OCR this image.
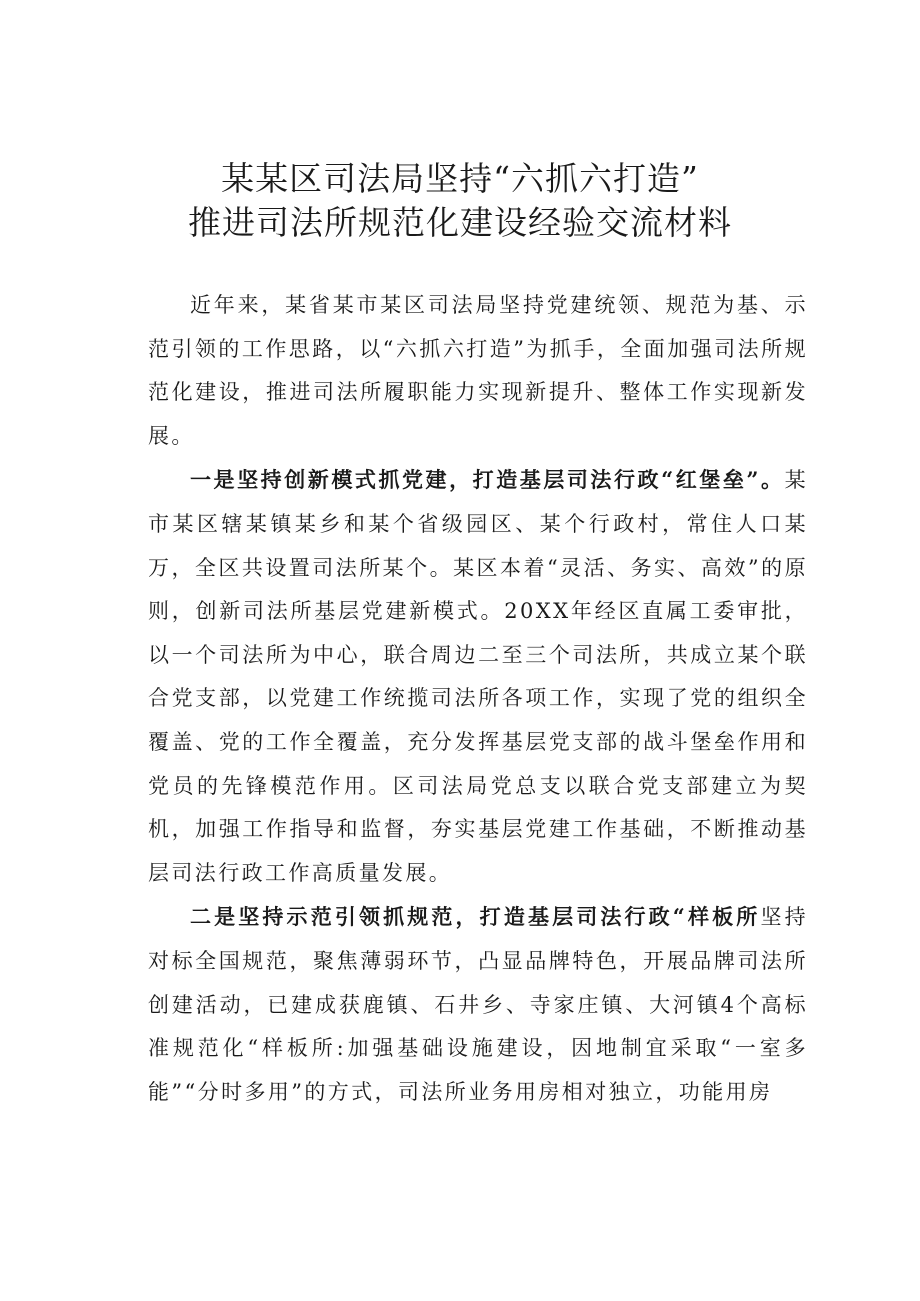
某某区司法局坚持“六抓六打造”
推进司法所规范化建设经验交流材料

近年来，某省某市某区司法局坚持党建统领、规范为基、示范引领的工作思路，以“六抓六打造”为抓手，全面加强司法所规范化建设，推进司法所履职能力实现新提升、整体工作实现新发展。

一是坚持创新模式抓党建，打造基层司法行政“红堡垒”。某市某区辖某镇某乡和某个省级园区、某个行政村，常住人口某万，全区共设置司法所某个。某区本着“灵活、务实、高效”的原则，创新司法所基层党建新模式。20XX年经区直属工委审批，以一个司法所为中心，联合周边二至三个司法所，共成立某个联合党支部，以党建工作统揽司法所各项工作，实现了党的组织全覆盖、党的工作全覆盖，充分发挥基层党支部的战斗堡垒作用和党员的先锋模范作用。区司法局党总支以联合党支部建立为契机，加强工作指导和监督，夯实基层党建工作基础，不断推动基层司法行政工作高质量发展。

二是坚持示范引领抓规范，打造基层司法行政“样板所坚持对标全国规范，聚焦薄弱环节，凸显品牌特色，开展品牌司法所创建活动，已建成获鹿镇、石井乡、寺家庄镇、大河镇4个高标准规范化“样板所:加强基础设施建设，因地制宜采取“一室多能”“分时多用”的方式，司法所业务用房相对独立，功能用房
